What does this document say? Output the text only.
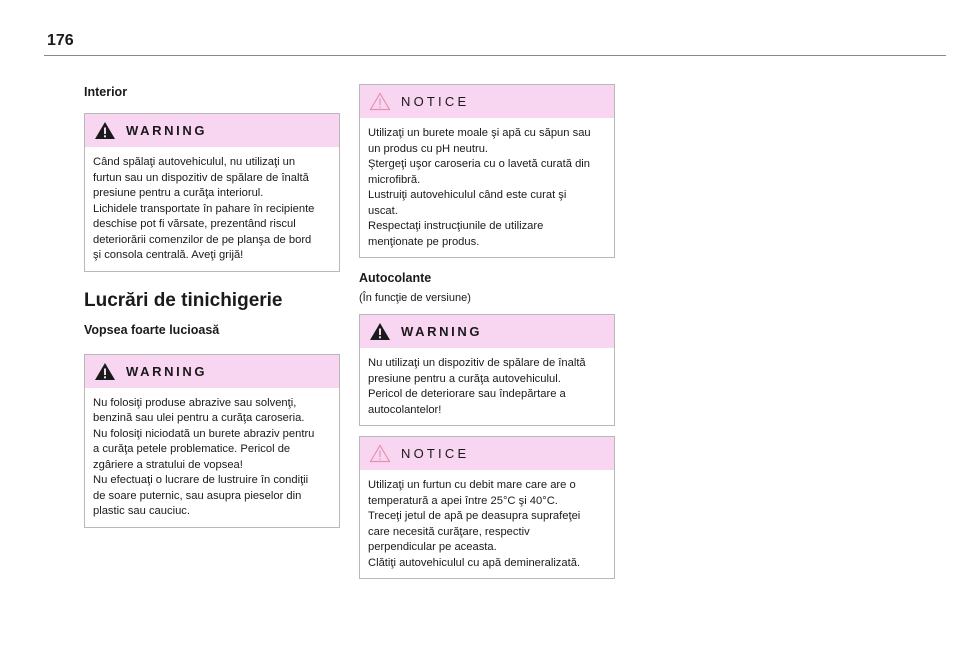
176

Interior

WARNING

Când spălaţi autovehiculul, nu utilizaţi un

furtun sau un dispozitiv de spălare de înaltă

presiune pentru a curăţa interiorul.

Lichidele transportate în pahare în recipiente

deschise pot fi vărsate, prezentând riscul

deteriorării comenzilor de pe planşa de bord

şi consola centrală. Aveţi grijă!

Lucrări de tinichigerie

Vopsea foarte lucioasă

WARNING

Nu folosiţi produse abrazive sau solvenţi,

benzină sau ulei pentru a curăţa caroseria.

Nu folosiţi niciodată un burete abraziv pentru

a curăţa petele problematice. Pericol de

zgâriere a stratului de vopsea!

Nu efectuaţi o lucrare de lustruire în condiţii

de soare puternic, sau asupra pieselor din

plastic sau cauciuc.

NOTICE

Utilizaţi un burete moale şi apă cu săpun sau

un produs cu pH neutru.

Ştergeţi uşor caroseria cu o lavetă curată din

microfibră.

Lustruiţi autovehiculul când este curat şi

uscat.

Respectaţi instrucţiunile de utilizare

menţionate pe produs.

Autocolante

(În funcţie de versiune)

WARNING

Nu utilizaţi un dispozitiv de spălare de înaltă

presiune pentru a curăţa autovehiculul.

Pericol de deteriorare sau îndepărtare a

autocolantelor!

NOTICE

Utilizaţi un furtun cu debit mare care are o

temperatură a apei între 25°C şi 40°C.

Treceţi jetul de apă pe deasupra suprafeţei

care necesită curăţare, respectiv

perpendicular pe aceasta.

Clătiţi autovehiculul cu apă demineralizată.
